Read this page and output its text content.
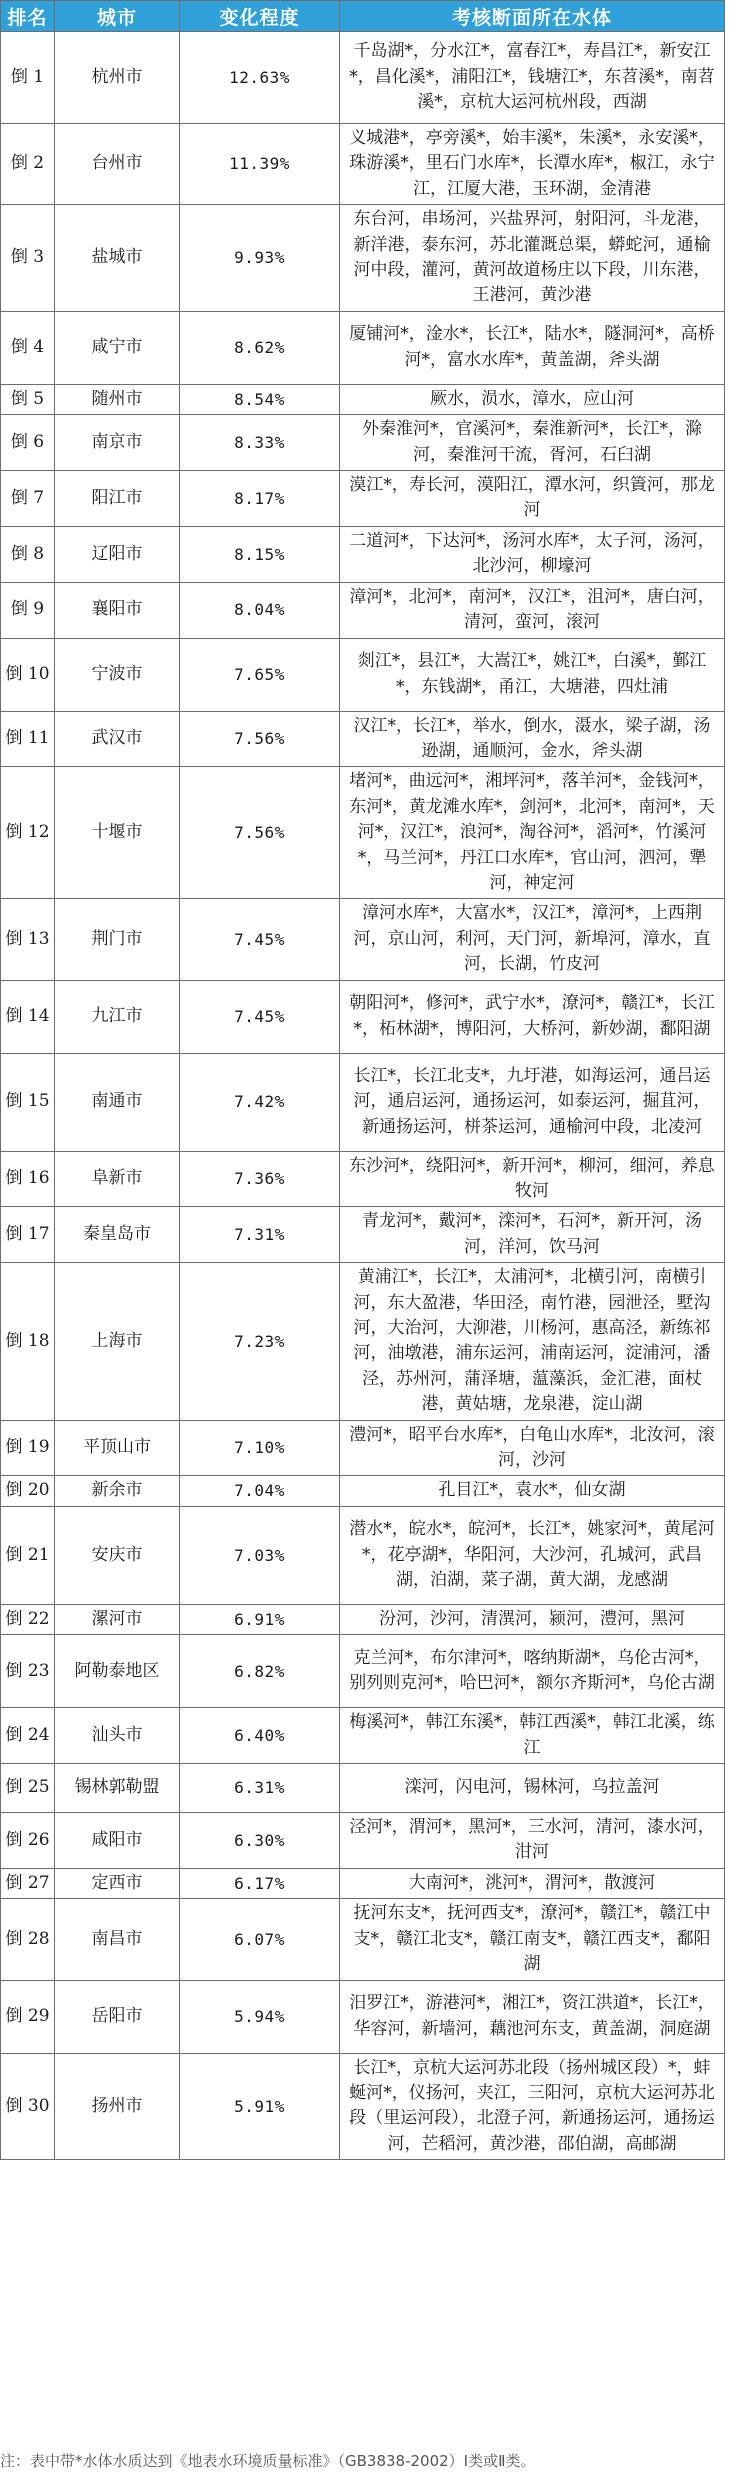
排名	城市	变化程度	考核断面所在水体
倒 1	杭州市	12.63%	千岛湖*，分水江*，富春江*，寿昌江*，新安江*，昌化溪*，浦阳江*，钱塘江*，东苕溪*，南苕溪*，京杭大运河杭州段，西湖
倒 2	台州市	11.39%	义城港*，亭旁溪*，始丰溪*，朱溪*，永安溪*，珠游溪*，里石门水库*，长潭水库*，椒江，永宁江，江厦大港，玉环湖，金清港
倒 3	盐城市	9.93%	东台河，串场河，兴盐界河，射阳河，斗龙港，新洋港，泰东河，苏北灌溉总渠，蟒蛇河，通榆河中段，灌河，黄河故道杨庄以下段，川东港，王港河，黄沙港
倒 4	咸宁市	8.62%	厦铺河*，淦水*，长江*，陆水*，隧洞河*，高桥河*，富水水库*，黄盖湖，斧头湖
倒 5	随州市	8.54%	厥水，涢水，漳水，应山河
倒 6	南京市	8.33%	外秦淮河*，官溪河*，秦淮新河*，长江*，滁河，秦淮河干流，胥河，石臼湖
倒 7	阳江市	8.17%	漠江*，寿长河，漠阳江，潭水河，织篢河，那龙河
倒 8	辽阳市	8.15%	二道河*，下达河*，汤河水库*，太子河，汤河，北沙河，柳壕河
倒 9	襄阳市	8.04%	漳河*，北河*，南河*，汉江*，沮河*，唐白河，清河，蛮河，滚河
倒 10	宁波市	7.65%	剡江*，县江*，大嵩江*，姚江*，白溪*，鄞江*，东钱湖*，甬江，大塘港，四灶浦
倒 11	武汉市	7.56%	汉江*，长江*，举水，倒水，滠水，梁子湖，汤逊湖，通顺河，金水，斧头湖
倒 12	十堰市	7.56%	堵河*，曲远河*，湘坪河*，落羊河*，金钱河*，东河*，黄龙滩水库*，剑河*，北河*，南河*，天河*，汉江*，浪河*，淘谷河*，滔河*，竹溪河*，马兰河*，丹江口水库*，官山河，泗河，犟河，神定河
倒 13	荆门市	7.45%	漳河水库*，大富水*，汉江*，漳河*，上西荆河，京山河，利河，天门河，新埠河，漳水，直河，长湖，竹皮河
倒 14	九江市	7.45%	朝阳河*，修河*，武宁水*，潦河*，赣江*，长江*，柘林湖*，博阳河，大桥河，新妙湖，鄱阳湖
倒 15	南通市	7.42%	长江*，长江北支*，九圩港，如海运河，通吕运河，通启运河，通扬运河，如泰运河，掘苴河，新通扬运河，栟茶运河，通榆河中段，北凌河
倒 16	阜新市	7.36%	东沙河*，绕阳河*，新开河*，柳河，细河，养息牧河
倒 17	秦皇岛市	7.31%	青龙河*，戴河*，滦河*，石河*，新开河，汤河，洋河，饮马河
倒 18	上海市	7.23%	黄浦江*，长江*，太浦河*，北横引河，南横引河，东大盈港，华田泾，南竹港，园泄泾，墅沟河，大治河，大泖港，川杨河，惠高泾，新练祁河，油墩港，浦东运河，浦南运河，淀浦河，潘泾，苏州河，蒲泽塘，蕰藻浜，金汇港，面杖港，黄姑塘，龙泉港，淀山湖
倒 19	平顶山市	7.10%	澧河*，昭平台水库*，白龟山水库*，北汝河，滚河，沙河
倒 20	新余市	7.04%	孔目江*，袁水*，仙女湖
倒 21	安庆市	7.03%	潜水*，皖水*，皖河*，长江*，姚家河*，黄尾河*，花亭湖*，华阳河，大沙河，孔城河，武昌湖，泊湖，菜子湖，黄大湖，龙感湖
倒 22	漯河市	6.91%	汾河，沙河，清潩河，颍河，澧河，黑河
倒 23	阿勒泰地区	6.82%	克兰河*，布尔津河*，喀纳斯湖*，乌伦古河*，别列则克河*，哈巴河*，额尔齐斯河*，乌伦古湖
倒 24	汕头市	6.40%	梅溪河*，韩江东溪*，韩江西溪*，韩江北溪，练江
倒 25	锡林郭勒盟	6.31%	滦河，闪电河，锡林河，乌拉盖河
倒 26	咸阳市	6.30%	泾河*，渭河*，黑河*，三水河，清河，漆水河，泔河
倒 27	定西市	6.17%	大南河*，洮河*，渭河*，散渡河
倒 28	南昌市	6.07%	抚河东支*，抚河西支*，潦河*，赣江*，赣江中支*，赣江北支*，赣江南支*，赣江西支*，鄱阳湖
倒 29	岳阳市	5.94%	汨罗江*，游港河*，湘江*，资江洪道*，长江*，华容河，新墙河，藕池河东支，黄盖湖，洞庭湖
倒 30	扬州市	5.91%	长江*，京杭大运河苏北段（扬州城区段）*，蚌蜒河*，仪扬河，夹江，三阳河，京杭大运河苏北段（里运河段），北澄子河，新通扬运河，通扬运河，芒稻河，黄沙港，邵伯湖，高邮湖
注：表中带*水体水质达到《地表水环境质量标准》（GB3838-2002）Ⅰ类或Ⅱ类。
